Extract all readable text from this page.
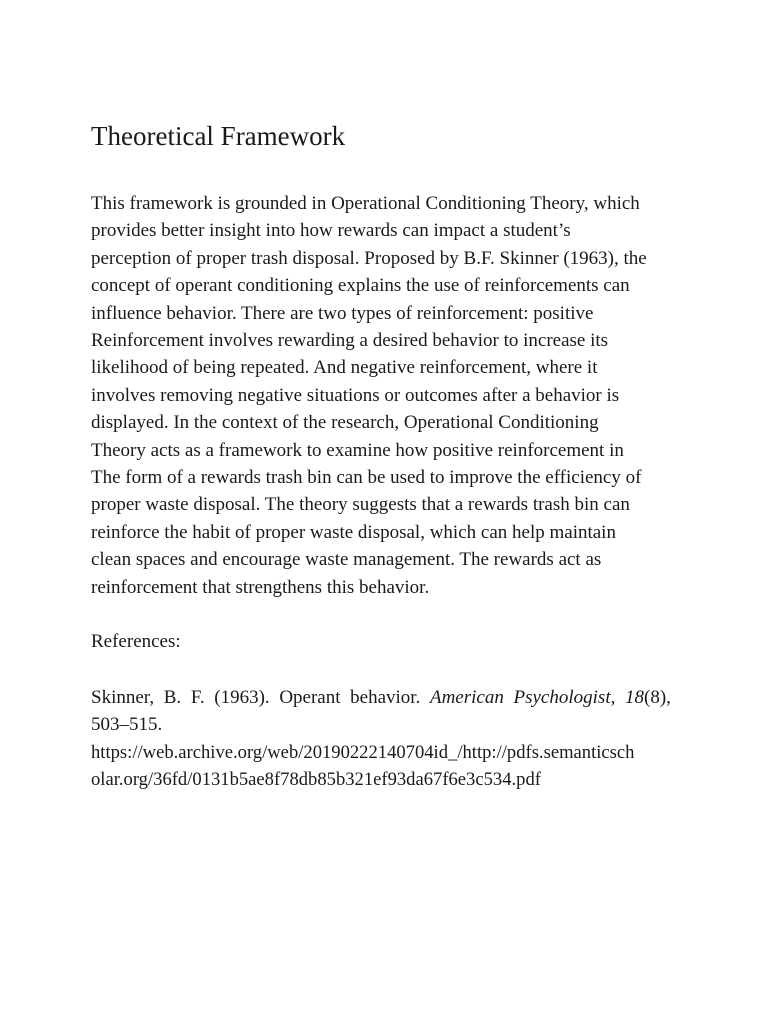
Theoretical Framework
This framework is grounded in Operational Conditioning Theory, which
provides better insight into how rewards can impact a student’s
perception of proper trash disposal. Proposed by B.F. Skinner (1963), the
concept of operant conditioning explains the use of reinforcements can
influence behavior. There are two types of reinforcement: positive
Reinforcement involves rewarding a desired behavior to increase its
likelihood of being repeated. And negative reinforcement, where it
involves removing negative situations or outcomes after a behavior is
displayed. In the context of the research, Operational Conditioning
Theory acts as a framework to examine how positive reinforcement in
The form of a rewards trash bin can be used to improve the efficiency of
proper waste disposal. The theory suggests that a rewards trash bin can
reinforce the habit of proper waste disposal, which can help maintain
clean spaces and encourage waste management. The rewards act as
reinforcement that strengthens this behavior.

References:

Skinner, B. F. (1963). Operant behavior. American Psychologist, 18(8),
503–515.
https://web.archive.org/web/20190222140704id_/http://pdfs.semanticsch
olar.org/36fd/0131b5ae8f78db85b321ef93da67f6e3c534.pdf
